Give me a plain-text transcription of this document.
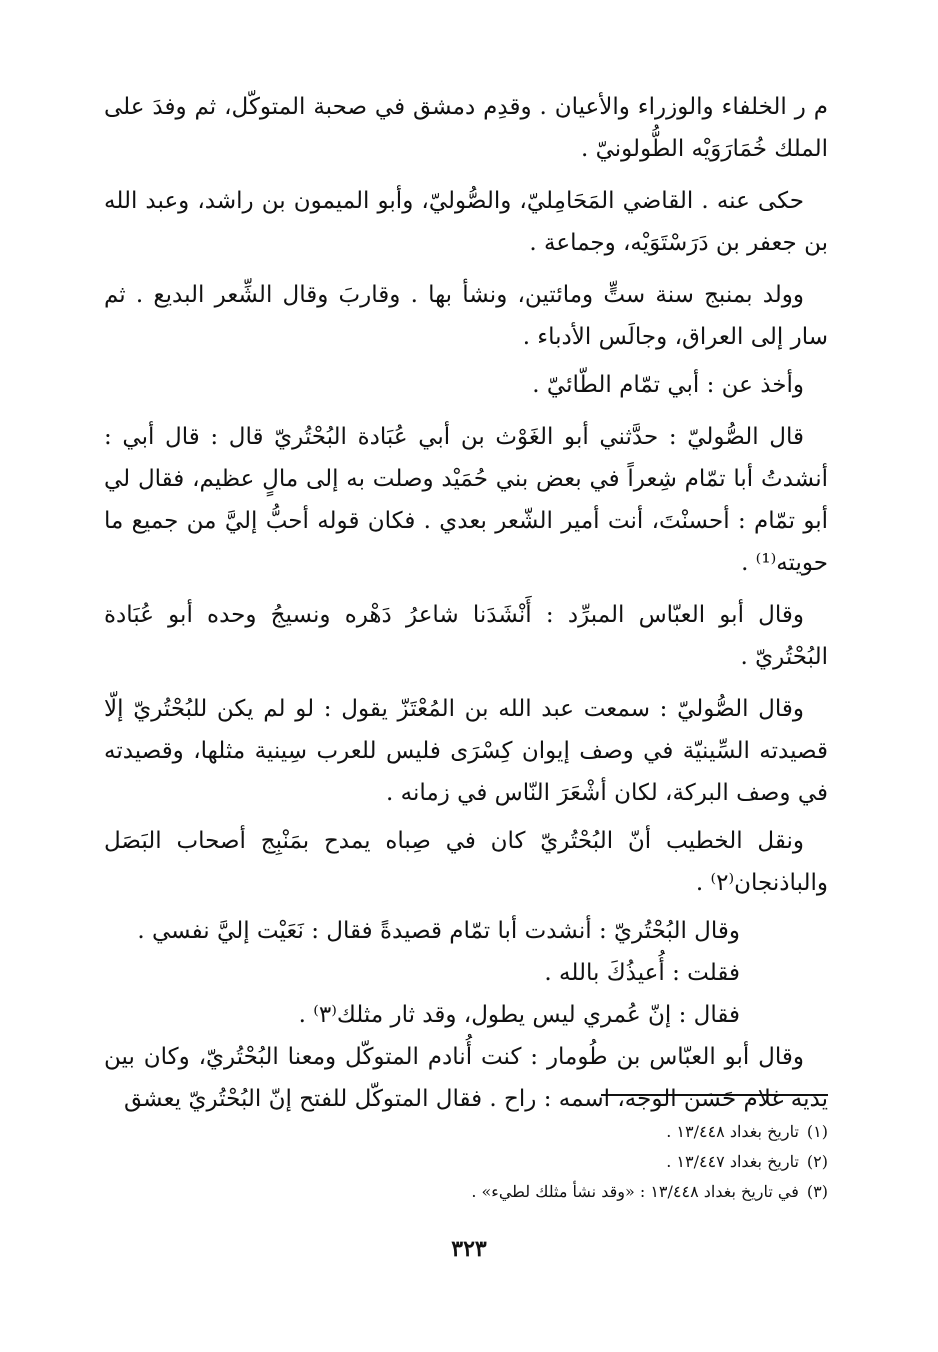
م ر الخلفاء والوزراء والأعيان . وقدِم دمشق في صحبة المتوكّل، ثم وفدَ على الملك خُمَارَوَيْه الطُّولونيّ .

حكى عنه . القاضي المَحَامِليّ، والصُّوليّ، وأبو الميمون بن راشد، وعبد الله بن جعفر بن دَرَسْتَوَيْه، وجماعة .

وولد بمنبج سنة ستٍّ ومائتين، ونشأ بها . وقاربَ وقال الشِّعر البديع . ثم سار إلى العراق، وجالَس الأدباء .

وأخذ عن : أبي تمّام الطّائيّ .

قال الصُّوليّ : حدَّثني أبو الغَوْث بن أبي عُبَادة البُحْتُريّ قال : قال أبي : أنشدتُ أبا تمّام شِعراً في بعض بني حُمَيْد وصلت به إلى مالٍ عظيم، فقال لي أبو تمّام : أحسنْتَ، أنت أمير الشّعر بعدي . فكان قوله أحبُّ إليَّ من جميع ما حويته⁽¹⁾ .

وقال أبو العبّاس المبرِّد : أَنْشَدَنا شاعرُ دَهْره ونسيجُ وحده أبو عُبَادة البُحْتُريّ .

وقال الصُّوليّ : سمعت عبد الله بن المُعْتَزّ يقول : لو لم يكن للبُحْتُريّ إلّا قصيدته السِّينيّة في وصف إيوان كِسْرَى فليس للعرب سِينية مثلها، وقصيدته في وصف البركة، لكان أشْعَرَ النّاس في زمانه .

ونقل الخطيب أنّ البُحْتُريّ كان في صِباه يمدح بمَنْبِج أصحاب البَصَل والباذنجان⁽٢⁾ .

وقال البُحْتُريّ : أنشدت أبا تمّام قصيدةً فقال : نَعَيْت إليَّ نفسي .

فقلت : أُعيذُكَ بالله .

فقال : إنّ عُمري ليس يطول، وقد ثار مثلك⁽٣⁾ .

وقال أبو العبّاس بن طُومار : كنت أُنادم المتوكّل ومعنا البُحْتُريّ، وكان بين يديه غلام حَسَن الوجه، اسمه : راح . فقال المتوكّل للفتح إنّ البُحْتُريّ يعشق

(١)تاريخ بغداد ١٣/٤٤٨ .

(٢)تاريخ بغداد ١٣/٤٤٧ .

(٣)في تاريخ بغداد ١٣/٤٤٨ : «وقد نشأ مثلك لطيء» .

٣٢٣
